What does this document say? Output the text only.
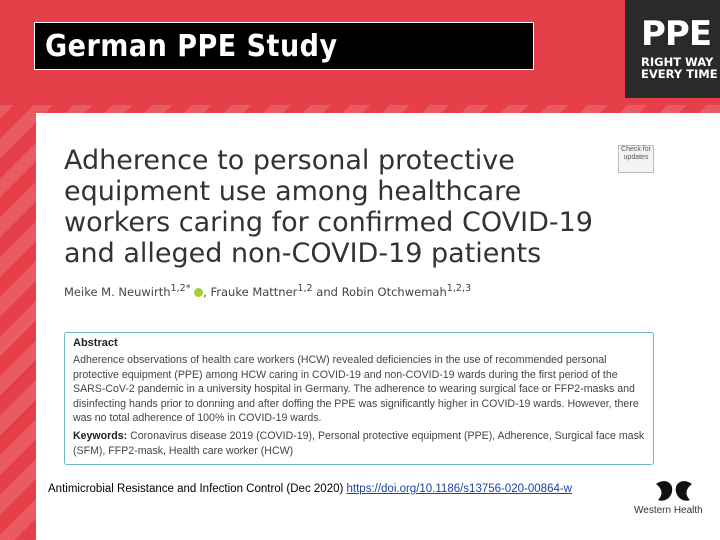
German PPE Study	PPE
RIGHT WAY
EVERY TIME
Adherence to personal protective equipment use among healthcare workers caring for confirmed COVID-19 and alleged non-COVID-19 patients
Check for updates
Meike M. Neuwirth$^{1,2*}$ , Frauke Mattner$^{1,2}$ and Robin Otchwemah$^{1,2,3}$
Abstract
Adherence observations of health care workers (HCW) revealed deficiencies in the use of recommended personal protective equipment (PPE) among HCW caring in COVID-19 and non-COVID-19 wards during the first period of the SARS-CoV-2 pandemic in a university hospital in Germany. The adherence to wearing surgical face or FFP2-masks and disinfecting hands prior to donning and after doffing the PPE was significantly higher in COVID-19 wards. However, there was no total adherence of 100% in COVID-19 wards.
Keywords: Coronavirus disease 2019 (COVID-19), Personal protective equipment (PPE), Adherence, Surgical face mask (SFM), FFP2-mask, Health care worker (HCW)
Antimicrobial Resistance and Infection Control (Dec 2020) https://doi.org/10.1186/s13756-020-00864-w
Western Health
